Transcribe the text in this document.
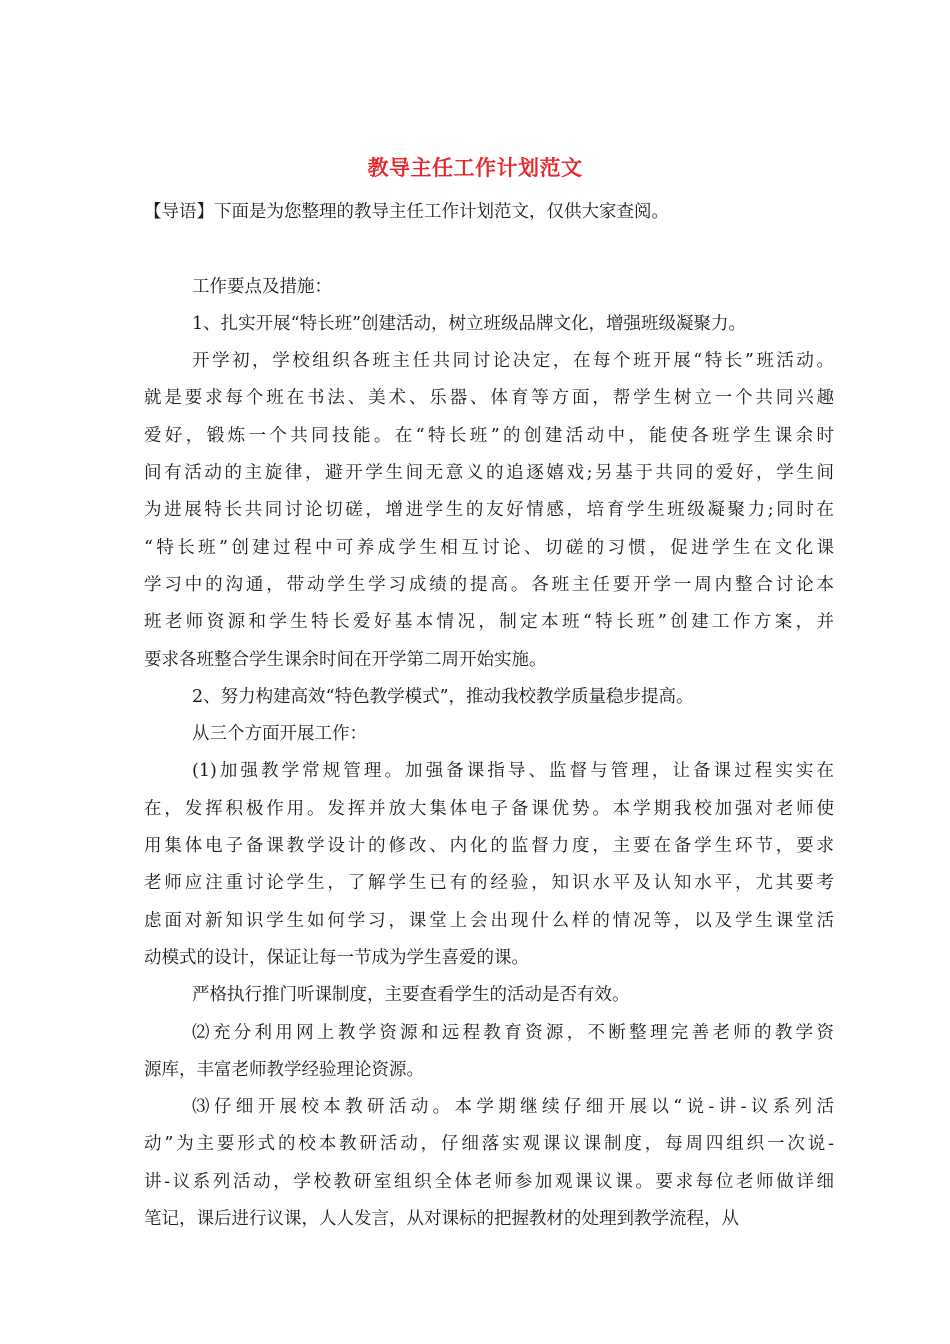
教导主任工作计划范文
【导语】下面是为您整理的教导主任工作计划范文，仅供大家查阅。
工作要点及措施：
1、扎实开展“特长班”创建活动，树立班级品牌文化，增强班级凝聚力。
开学初，学校组织各班主任共同讨论决定，在每个班开展“特长”班活动。
就是要求每个班在书法、美术、乐器、体育等方面，帮学生树立一个共同兴趣
爱好，锻炼一个共同技能。在“特长班”的创建活动中，能使各班学生课余时
间有活动的主旋律，避开学生间无意义的追逐嬉戏;另基于共同的爱好，学生间
为进展特长共同讨论切磋，增进学生的友好情感，培育学生班级凝聚力;同时在
“特长班”创建过程中可养成学生相互讨论、切磋的习惯，促进学生在文化课
学习中的沟通，带动学生学习成绩的提高。各班主任要开学一周内整合讨论本
班老师资源和学生特长爱好基本情况，制定本班“特长班”创建工作方案，并
要求各班整合学生课余时间在开学第二周开始实施。
2、努力构建高效“特色教学模式”，推动我校教学质量稳步提高。
从三个方面开展工作：
(1)加强教学常规管理。加强备课指导、监督与管理，让备课过程实实在
在，发挥积极作用。发挥并放大集体电子备课优势。本学期我校加强对老师使
用集体电子备课教学设计的修改、内化的监督力度，主要在备学生环节，要求
老师应注重讨论学生，了解学生已有的经验，知识水平及认知水平，尤其要考
虑面对新知识学生如何学习，课堂上会出现什么样的情况等，以及学生课堂活
动模式的设计，保证让每一节成为学生喜爱的课。
严格执行推门听课制度，主要查看学生的活动是否有效。
⑵充分利用网上教学资源和远程教育资源，不断整理完善老师的教学资
源库，丰富老师教学经验理论资源。
⑶仔细开展校本教研活动。本学期继续仔细开展以“说-讲-议系列活
动”为主要形式的校本教研活动，仔细落实观课议课制度，每周四组织一次说-
讲-议系列活动，学校教研室组织全体老师参加观课议课。要求每位老师做详细
笔记，课后进行议课，人人发言，从对课标的把握教材的处理到教学流程，从
